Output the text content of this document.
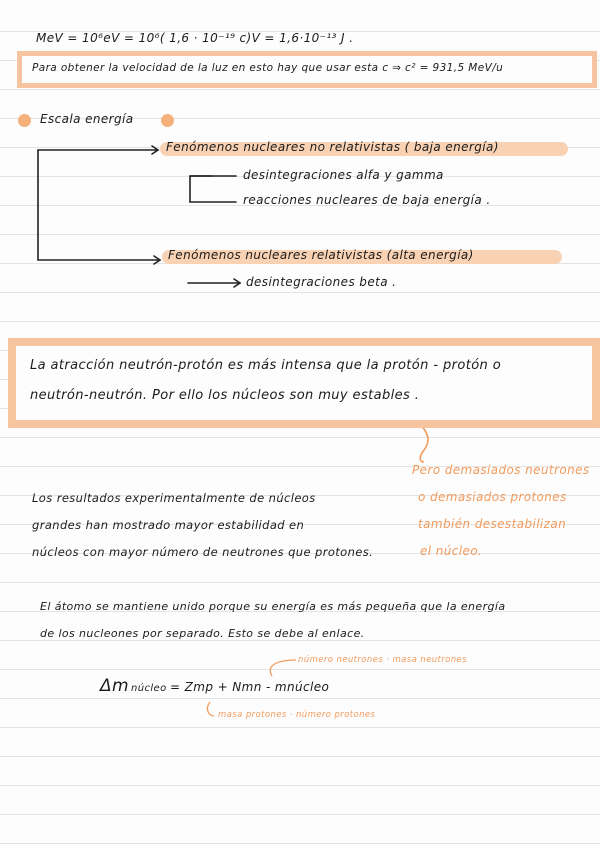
MeV = 10⁶eV = 10⁶( 1,6 · 10⁻¹⁹ c)V = 1,6·10⁻¹³ J .
Para obtener la velocidad de la luz en esto hay que usar esta c ⇒ c² = 931,5 MeV/u
Escala energía
Fenómenos nucleares no relativistas ( baja energía)
desintegraciones alfa y gamma
reacciones nucleares de baja energía .
Fenómenos nucleares relativistas (alta energía)
desintegraciones beta .
La atracción neutrón-protón es más intensa que la protón - protón o
neutrón-neutrón. Por ello los núcleos son muy estables .
Pero demasiados neutrones
o demasiados protones
también desestabilizan
el núcleo.
Los resultados experimentalmente de núcleos
grandes han mostrado mayor estabilidad en
núcleos con mayor número de neutrones que protones.
El átomo se mantiene unido porque su energía es más pequeña que la energía
de los nucleones por separado. Esto se debe al enlace.
número neutrones · masa neutrones
Δm núcleo = Zmp + Nmn - mnúcleo
masa protones · número protones
